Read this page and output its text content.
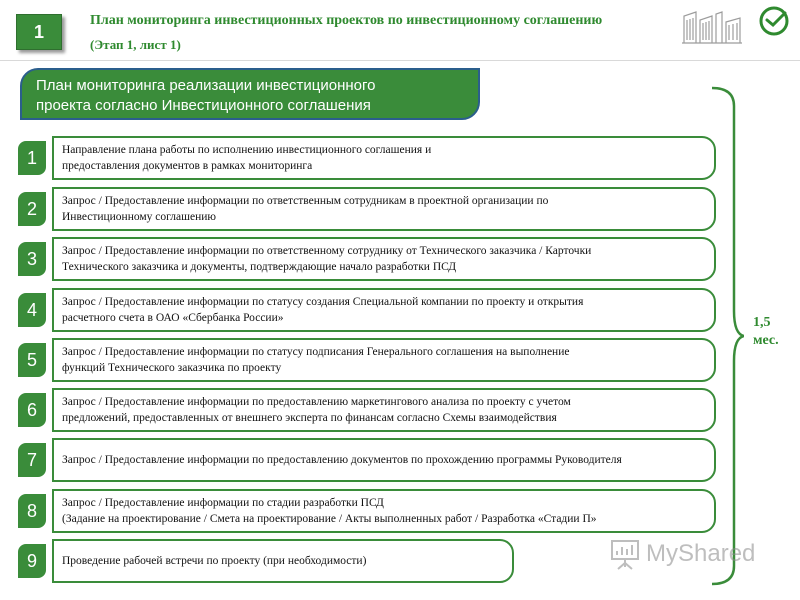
1
План мониторинга инвестиционных проектов по инвестиционному соглашению
(Этап 1, лист 1)
План мониторинга реализации инвестиционного
проекта согласно Инвестиционного соглашения
1	Направление плана работы по исполнению инвестиционного соглашения и
предоставления документов в рамках мониторинга
2	Запрос / Предоставление информации по ответственным сотрудникам в проектной организации по
Инвестиционному соглашению
3	Запрос / Предоставление информации по ответственному сотруднику от Технического заказчика / Карточки
Технического заказчика и документы, подтверждающие начало разработки ПСД
4	Запрос / Предоставление информации по статусу создания Специальной компании по проекту и открытия
расчетного счета в ОАО «Сбербанка России»
5	Запрос / Предоставление информации по статусу подписания Генерального соглашения на выполнение
функций Технического заказчика по проекту
6	Запрос / Предоставление информации по предоставлению маркетингового анализа по проекту с учетом
предложений, предоставленных от внешнего эксперта по финансам согласно Схемы взаимодействия
7	Запрос / Предоставление информации по предоставлению документов по прохождению программы Руководителя
8	Запрос / Предоставление информации по стадии разработки ПСД
(Задание на проектирование / Смета на проектирование / Акты выполненных работ / Разработка «Стадии П»
9	Проведение рабочей встречи по проекту (при необходимости)
1,5
мес.
MyShared
